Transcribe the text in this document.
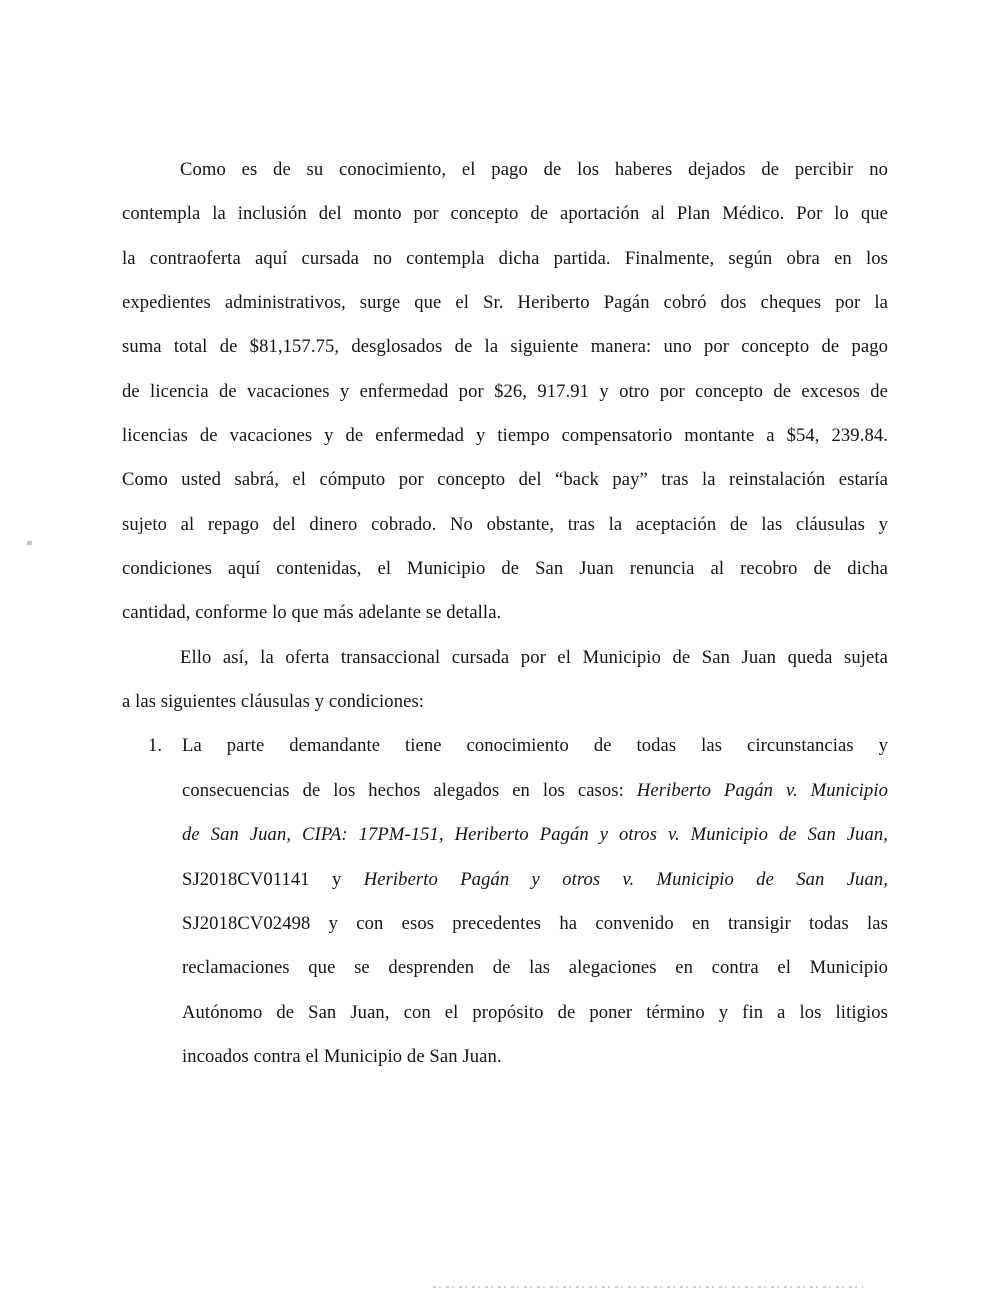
Como es de su conocimiento, el pago de los haberes dejados de percibir no
contempla la inclusión del monto por concepto de aportación al Plan Médico. Por lo que
la contraoferta aquí cursada no contempla dicha partida. Finalmente, según obra en los
expedientes administrativos, surge que el Sr. Heriberto Pagán cobró dos cheques por la
suma total de $81,157.75, desglosados de la siguiente manera: uno por concepto de pago
de licencia de vacaciones y enfermedad por $26, 917.91 y otro por concepto de excesos de
licencias de vacaciones y de enfermedad y tiempo compensatorio montante a $54, 239.84.
Como usted sabrá, el cómputo por concepto del “back pay” tras la reinstalación estaría
sujeto al repago del dinero cobrado. No obstante, tras la aceptación de las cláusulas y
condiciones aquí contenidas, el Municipio de San Juan renuncia al recobro de dicha
cantidad, conforme lo que más adelante se detalla.
Ello así, la oferta transaccional cursada por el Municipio de San Juan queda sujeta
a las siguientes cláusulas y condiciones:
1.	La parte demandante tiene conocimiento de todas las circunstancias y
consecuencias de los hechos alegados en los casos: Heriberto Pagán v. Municipio
de San Juan, CIPA: 17PM-151, Heriberto Pagán y otros v. Municipio de San Juan,
SJ2018CV01141 y Heriberto Pagán y otros v. Municipio de San Juan,
SJ2018CV02498 y con esos precedentes ha convenido en transigir todas las
reclamaciones que se desprenden de las alegaciones en contra el Municipio
Autónomo de San Juan, con el propósito de poner término y fin a los litigios
incoados contra el Municipio de San Juan.
